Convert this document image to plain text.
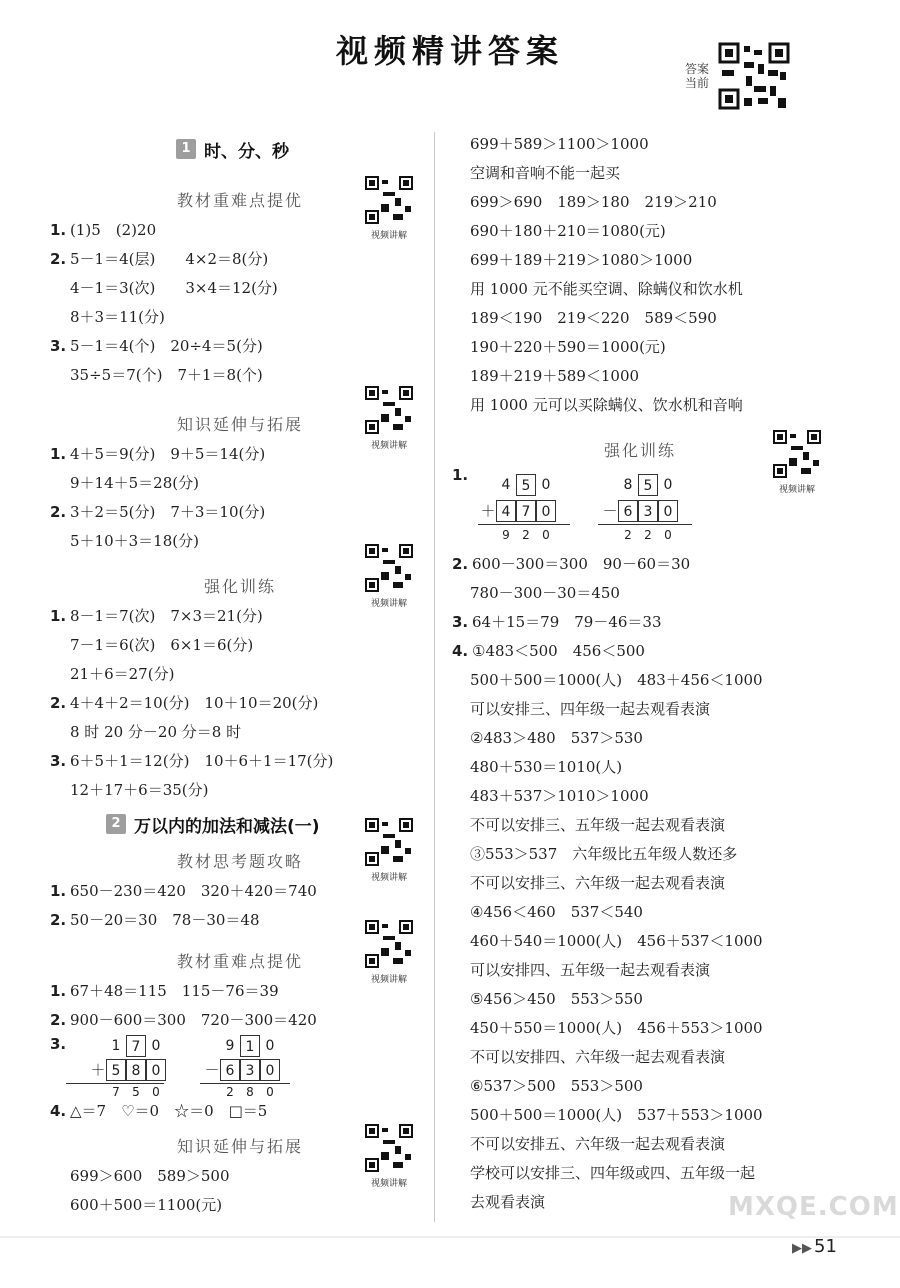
视频精讲答案	答案当前
1 时、分、秒
教材重难点提优
1. (1)5　(2)20
2. 5－1＝4(层)　　4×2＝8(分)
4－1＝3(次)　　3×4＝12(分)
8＋3＝11(分)
3. 5－1＝4(个)　20÷4＝5(分)
35÷5＝7(个)　7＋1＝8(个)
知识延伸与拓展
1. 4＋5＝9(分)　9＋5＝14(分)
9＋14＋5＝28(分)
2. 3＋2＝5(分)　7＋3＝10(分)
5＋10＋3＝18(分)
强化训练
1. 8－1＝7(次)　7×3＝21(分)
7－1＝6(次)　6×1＝6(分)
21＋6＝27(分)
2. 4＋4＋2＝10(分)　10＋10＝20(分)
8 时 20 分－20 分＝8 时
3. 6＋5＋1＝12(分)　10＋6＋1＝17(分)
12＋17＋6＝35(分)
2 万以内的加法和减法(一)
教材思考题攻略
1. 650－230＝420　320＋420＝740
2. 50－20＝30　78－30＝48
教材重难点提优
1. 67＋48＝115　115－76＝39
2. 900－600＝300　720－300＝420
3.	1 7 0
＋ 5 8 0
7	5	0
9 1 0
－ 6 3 0
2	8	0
4. △＝7　♡＝0　☆＝0　□＝5
知识延伸与拓展
699＞600　589＞500
600＋500＝1100(元)
视频讲解
视频讲解
视频讲解
视频讲解
视频讲解
视频讲解
699＋589＞1100＞1000
空调和音响不能一起买
699＞690　189＞180　219＞210
690＋180＋210＝1080(元)
699＋189＋219＞1080＞1000
用 1000 元不能买空调、除螨仪和饮水机
189＜190　219＜220　589＜590
190＋220＋590＝1000(元)
189＋219＋589＜1000
用 1000 元可以买除螨仪、饮水机和音响
强化训练
1.
4 5 0
＋ 4 7 0
9	2	0
8 5 0
－ 6 3 0
2	2	0
2. 600－300＝300　90－60＝30
780－300－30＝450
3. 64＋15＝79　79－46＝33
4. ①483＜500　456＜500
500＋500＝1000(人)　483＋456＜1000
可以安排三、四年级一起去观看表演
②483＞480　537＞530
480＋530＝1010(人)
483＋537＞1010＞1000
不可以安排三、五年级一起去观看表演
③553＞537　六年级比五年级人数还多
不可以安排三、六年级一起去观看表演
④456＜460　537＜540
460＋540＝1000(人)　456＋537＜1000
可以安排四、五年级一起去观看表演
⑤456＞450　553＞550
450＋550＝1000(人)　456＋553＞1000
不可以安排四、六年级一起去观看表演
⑥537＞500　553＞500
500＋500＝1000(人)　537＋553＞1000
不可以安排五、六年级一起去观看表演
学校可以安排三、四年级或四、五年级一起
去观看表演
视频讲解
MXQE.COM
▶▶ 51
